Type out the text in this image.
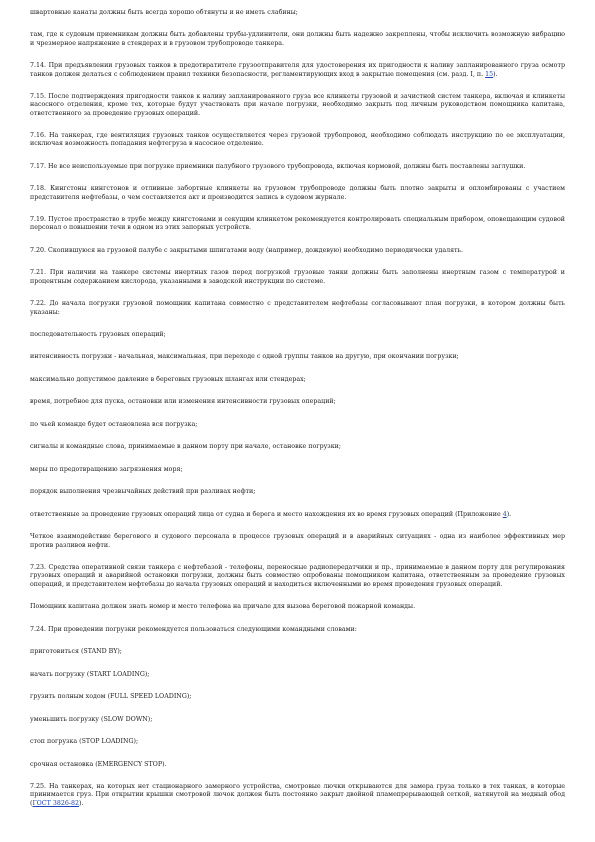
швартовные канаты должны быть всегда хорошо обтянуты и не иметь слабины;

там, где к судовым приемникам должны быть добавлены трубы-удлинители, они должны быть надежно закреплены, чтобы исключить возможную вибрацию и чрезмерное напряжение в стендерах и в грузовом трубопроводе танкера.

7.14. При предъявлении грузовых танков в предотвратителе грузоотправителя для удостоверения их пригодности к наливу запланированного груза осмотр танков должен делаться с соблюдением правил техники безопасности, регламентирующих вход в закрытые помещения (см. разд. I, п. 15).

7.15. После подтверждения пригодности танков к наливу запланированного груза все клинкеты грузовой и зачистной систем танкера, включая и клинкеты насосного отделения, кроме тех, которые будут участвовать при начале погрузки, необходимо закрыть под личным руководством помощника капитана, ответственного за проведение грузовых операций.

7.16. На танкерах, где вентиляция грузовых танков осуществляется через грузовой трубопровод, необходимо соблюдать инструкцию по ее эксплуатации, исключая возможность попадания нефтегруза в насосное отделение.

7.17. Не все неиспользуемые при погрузке приемники палубного грузового трубопровода, включая кормовой, должны быть поставлены заглушки.

7.18. Кингстоны кингстонов и отливные забортные клинкеты на грузовом трубопроводе должны быть плотно закрыты и опломбированы с участием представителя нефтебазы, о чем составляется акт и производится запись в судовом журнале.

7.19. Пустое пространство в трубе между кингстонами и секущим клинкетом рекомендуется контролировать специальным прибором, оповещающим судовой персонал о повышении течи в одном из этих запорных устройств.

7.20. Скопившуюся на грузовой палубе с закрытыми шпигатами воду (например, дождевую) необходимо периодически удалять.

7.21. При наличии на танкере системы инертных газов перед погрузкой грузовые танки должны быть заполнены инертным газом с температурой и процентным содержанием кислорода, указанными в заводской инструкции по системе.

7.22. До начала погрузки грузовой помощник капитана совместно с представителем нефтебазы согласовывают план погрузки, в котором должны быть указаны:

последовательность грузовых операций;

интенсивность погрузки - начальная, максимальная, при переходе с одной группы танков на другую, при окончании погрузки;

максимально допустимое давление в береговых грузовых шлангах или стендерах;

время, потребное для пуска, остановки или изменения интенсивности грузовых операций;

по чьей команде будет остановлена вся погрузка;

сигналы и командные слова, принимаемые в данном порту при начале, остановке погрузки;

меры по предотвращению загрязнения моря;

порядок выполнения чрезвычайных действий при разливах нефти;

ответственные за проведение грузовых операций лица от судна и берега и место нахождения их во время грузовых операций (Приложение 4).

Четкое взаимодействие берегового и судового персонала в процессе грузовых операций и в аварийных ситуациях - одна из наиболее эффективных мер против разливов нефти.

7.23. Средства оперативной связи танкера с нефтебазой - телефоны, переносные радиопередатчики и пр., принимаемые в данном порту для регулирования грузовых операций и аварийной остановки погрузки, должны быть совместно опробованы помощником капитана, ответственным за проведение грузовых операций, и представителем нефтебазы до начала грузовых операций и находиться включенными во время проведения грузовых операций.

Помощник капитана должен знать номер и место телефона на причале для вызова береговой пожарной команды.

7.24. При проведении погрузки рекомендуется пользоваться следующими командными словами:

приготовиться (STAND BY);

начать погрузку (START LOADING);

грузить полным ходом (FULL SPEED LOADING);

уменьшить погрузку (SLOW DOWN);

стоп погрузка (STOP LOADING);

срочная остановка (EMERGENCY STOP).

7.25. На танкерах, на которых нет стационарного замерного устройства, смотровые лючки открываются для замера груза только в тех танках, в которые принимается груз. При открытии крышки смотровой лючок должен быть постоянно закрыт двойной пламепрерывающей сеткой, натянутой на медный обод (ГОСТ 3826-82).
